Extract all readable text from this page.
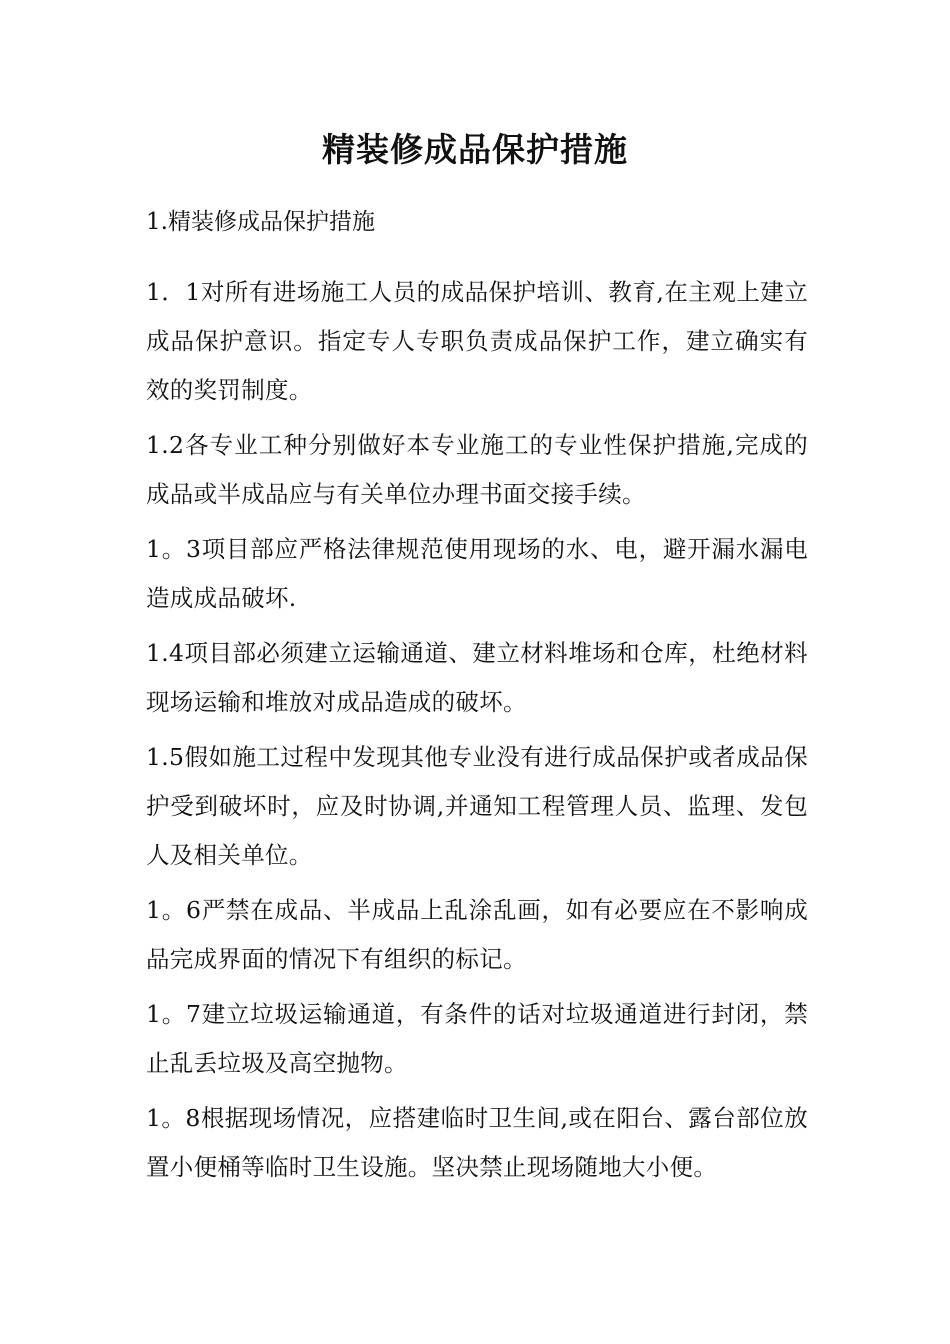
精装修成品保护措施

1.精装修成品保护措施

1．1对所有进场施工人员的成品保护培训、教育,在主观上建立成品保护意识。指定专人专职负责成品保护工作，建立确实有效的奖罚制度。

1.2各专业工种分别做好本专业施工的专业性保护措施,完成的成品或半成品应与有关单位办理书面交接手续。

1。3项目部应严格法律规范使用现场的水、电，避开漏水漏电造成成品破坏.

1.4项目部必须建立运输通道、建立材料堆场和仓库，杜绝材料现场运输和堆放对成品造成的破坏。

1.5假如施工过程中发现其他专业没有进行成品保护或者成品保护受到破坏时，应及时协调,并通知工程管理人员、监理、发包人及相关单位。

1。6严禁在成品、半成品上乱涂乱画，如有必要应在不影响成品完成界面的情况下有组织的标记。

1。7建立垃圾运输通道，有条件的话对垃圾通道进行封闭，禁止乱丢垃圾及高空抛物。

1。8根据现场情况，应搭建临时卫生间,或在阳台、露台部位放置小便桶等临时卫生设施。坚决禁止现场随地大小便。
